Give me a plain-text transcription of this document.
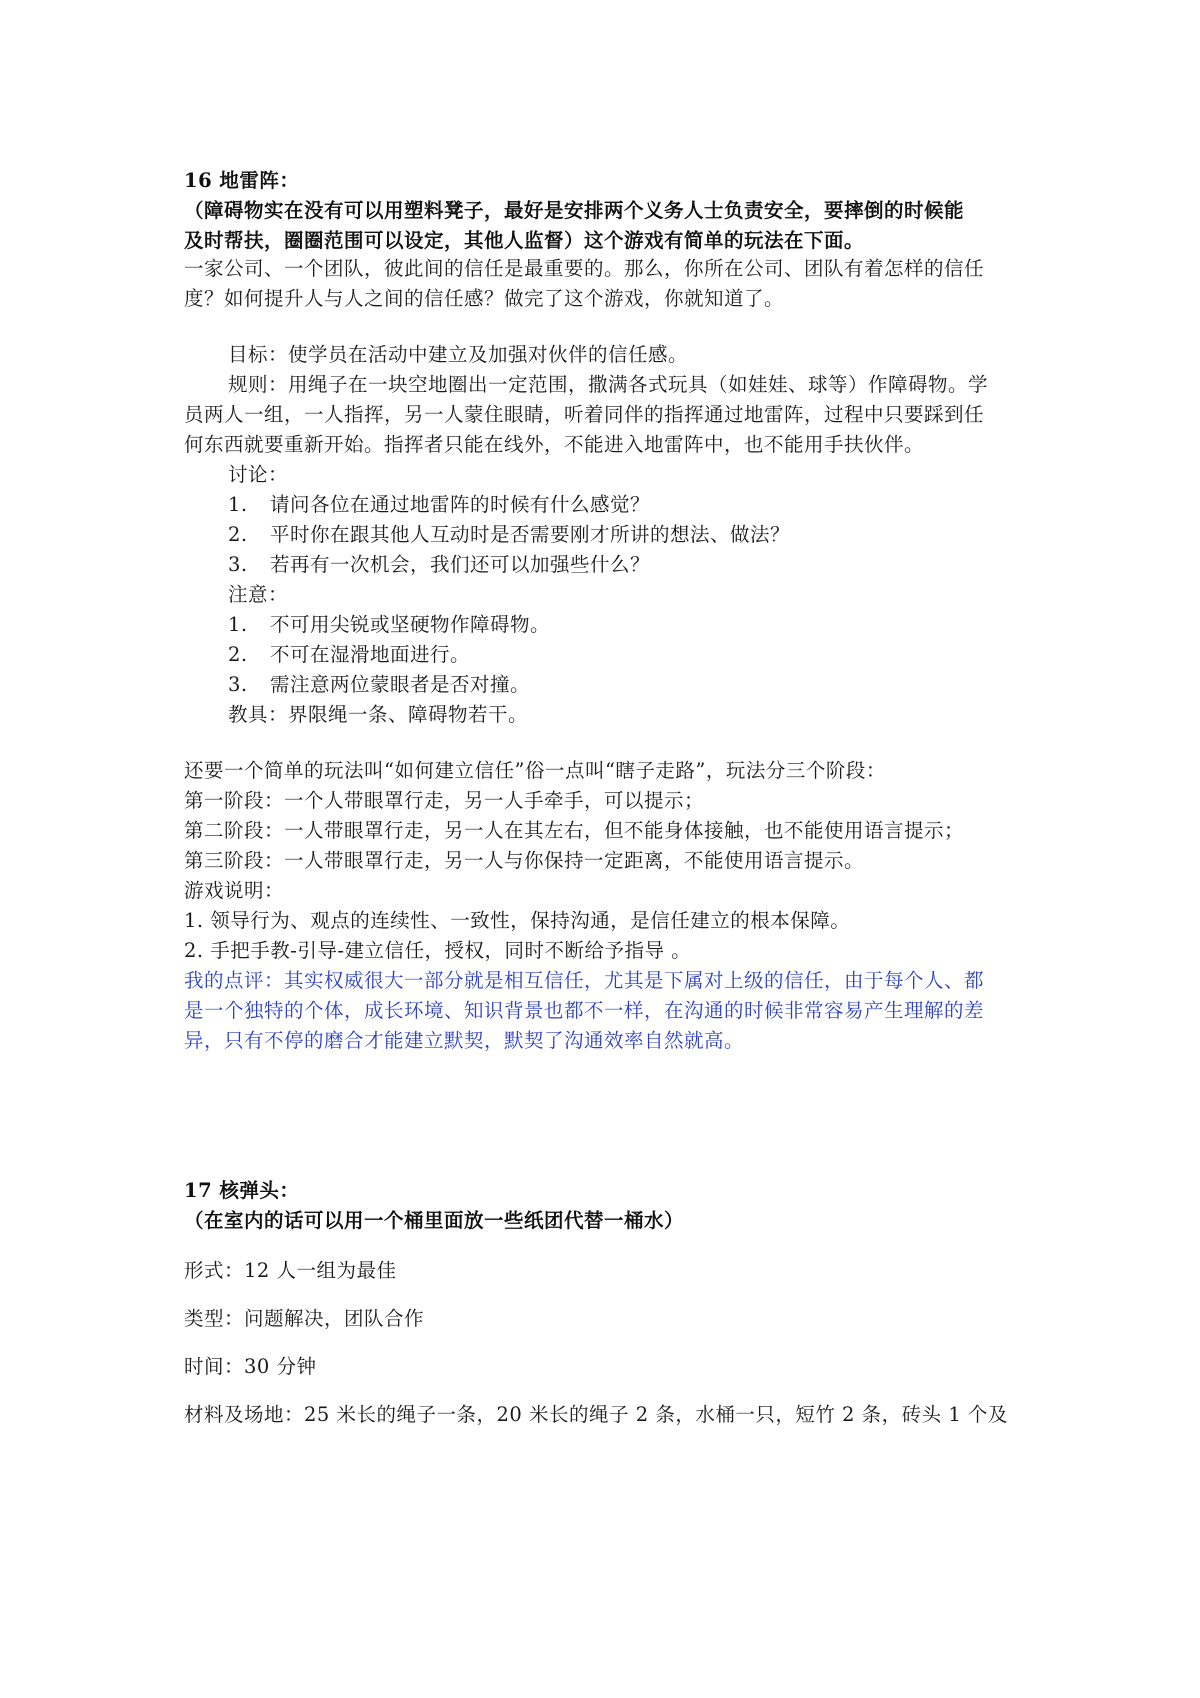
16 地雷阵：
（障碍物实在没有可以用塑料凳子，最好是安排两个义务人士负责安全，要摔倒的时候能
及时帮扶，圈圈范围可以设定，其他人监督）这个游戏有简单的玩法在下面。
一家公司、一个团队，彼此间的信任是最重要的。那么，你所在公司、团队有着怎样的信任
度？如何提升人与人之间的信任感？做完了这个游戏，你就知道了。
目标：使学员在活动中建立及加强对伙伴的信任感。
规则：用绳子在一块空地圈出一定范围，撒满各式玩具（如娃娃、球等）作障碍物。学
员两人一组，一人指挥，另一人蒙住眼睛，听着同伴的指挥通过地雷阵，过程中只要踩到任
何东西就要重新开始。指挥者只能在线外，不能进入地雷阵中，也不能用手扶伙伴。
讨论：
1. 请问各位在通过地雷阵的时候有什么感觉？
2. 平时你在跟其他人互动时是否需要刚才所讲的想法、做法？
3. 若再有一次机会，我们还可以加强些什么？
注意：
1. 不可用尖锐或坚硬物作障碍物。
2. 不可在湿滑地面进行。
3. 需注意两位蒙眼者是否对撞。
教具：界限绳一条、障碍物若干。
还要一个简单的玩法叫“如何建立信任”俗一点叫“瞎子走路”，玩法分三个阶段：
第一阶段：一个人带眼罩行走，另一人手牵手，可以提示；
第二阶段：一人带眼罩行走，另一人在其左右，但不能身体接触，也不能使用语言提示；
第三阶段：一人带眼罩行走，另一人与你保持一定距离，不能使用语言提示。
游戏说明：
1. 领导行为、观点的连续性、一致性，保持沟通，是信任建立的根本保障。
2. 手把手教-引导-建立信任，授权，同时不断给予指导 。
我的点评：其实权威很大一部分就是相互信任，尤其是下属对上级的信任，由于每个人、都
是一个独特的个体，成长环境、知识背景也都不一样，在沟通的时候非常容易产生理解的差
异，只有不停的磨合才能建立默契，默契了沟通效率自然就高。
17 核弹头：
（在室内的话可以用一个桶里面放一些纸团代替一桶水）
形式：12 人一组为最佳
类型：问题解决，团队合作
时间：30 分钟
材料及场地：25 米长的绳子一条，20 米长的绳子 2 条，水桶一只，短竹 2 条，砖头 1 个及
